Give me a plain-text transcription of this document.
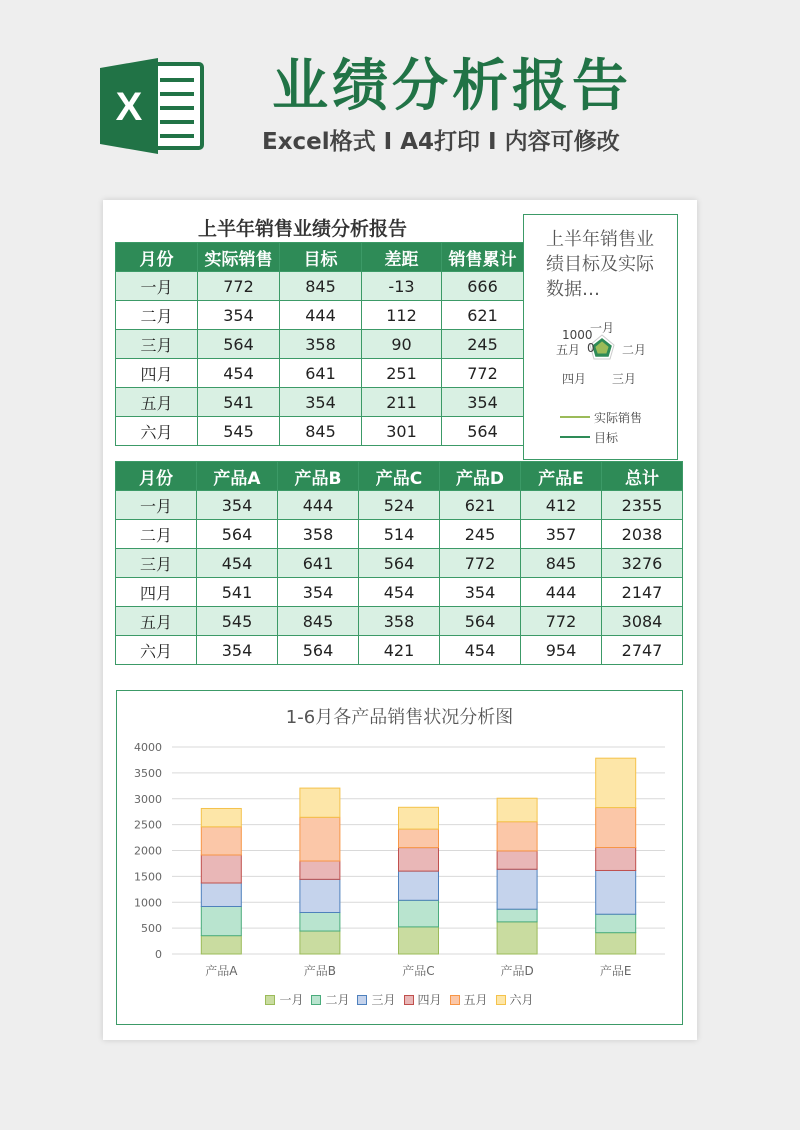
X 业绩分析报告
Excel格式 I A4打印 I 内容可修改
上半年销售业绩分析报告
月份	实际销售	目标	差距	销售累计
一月	772	845	-13	666
二月	354	444	112	621
三月	564	358	90	245
四月	454	641	251	772
五月	541	354	211	354
六月	545	845	301	564
上半年销售业绩目标及实际数据…
一月
二月
三月
四月
五月
1000
0
实际销售
目标
月份	产品A	产品B	产品C	产品D	产品E	总计
一月	354	444	524	621	412	2355
二月	564	358	514	245	357	2038
三月	454	641	564	772	845	3276
四月	541	354	454	354	444	2147
五月	545	845	358	564	772	3084
六月	354	564	421	454	954	2747
1-6月各产品销售状况分析图
0
500
1000
1500
2000
2500
3000
3500
4000
产品A	产品B	产品C	产品D	产品E
一月 二月 三月 四月 五月 六月
